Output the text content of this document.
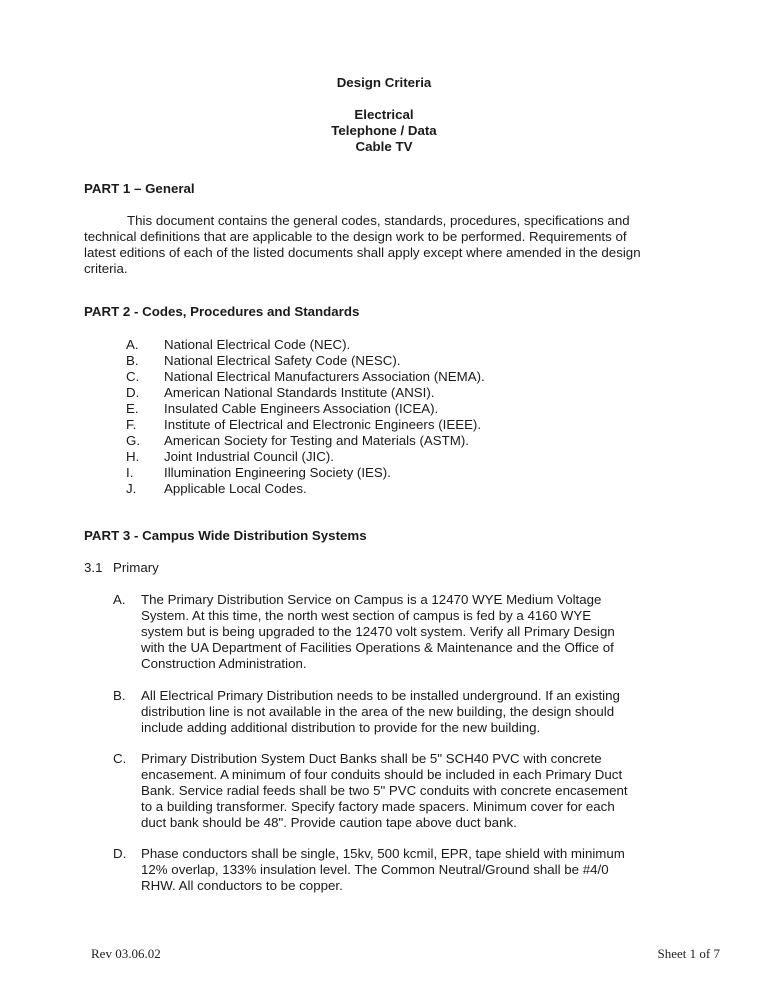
Design Criteria
Electrical
Telephone / Data
Cable TV
PART 1 – General
This document contains the general codes, standards, procedures, specifications and
technical definitions that are applicable to the design work to be performed. Requirements of
latest editions of each of the listed documents shall apply except where amended in the design
criteria.
PART 2 - Codes, Procedures and Standards
A. National Electrical Code (NEC).
B. National Electrical Safety Code (NESC).
C. National Electrical Manufacturers Association (NEMA).
D. American National Standards Institute (ANSI).
E. Insulated Cable Engineers Association (ICEA).
F. Institute of Electrical and Electronic Engineers (IEEE).
G. American Society for Testing and Materials (ASTM).
H. Joint Industrial Council (JIC).
I. Illumination Engineering Society (IES).
J. Applicable Local Codes.
PART 3 - Campus Wide Distribution Systems
3.1 Primary
A. The Primary Distribution Service on Campus is a 12470 WYE Medium Voltage
System. At this time, the north west section of campus is fed by a 4160 WYE
system but is being upgraded to the 12470 volt system. Verify all Primary Design
with the UA Department of Facilities Operations & Maintenance and the Office of
Construction Administration.
B. All Electrical Primary Distribution needs to be installed underground. If an existing
distribution line is not available in the area of the new building, the design should
include adding additional distribution to provide for the new building.
C. Primary Distribution System Duct Banks shall be 5" SCH40 PVC with concrete
encasement. A minimum of four conduits should be included in each Primary Duct
Bank. Service radial feeds shall be two 5" PVC conduits with concrete encasement
to a building transformer. Specify factory made spacers. Minimum cover for each
duct bank should be 48". Provide caution tape above duct bank.
D. Phase conductors shall be single, 15kv, 500 kcmil, EPR, tape shield with minimum
12% overlap, 133% insulation level. The Common Neutral/Ground shall be #4/0
RHW. All conductors to be copper.
Rev 03.06.02	Sheet 1 of 7
